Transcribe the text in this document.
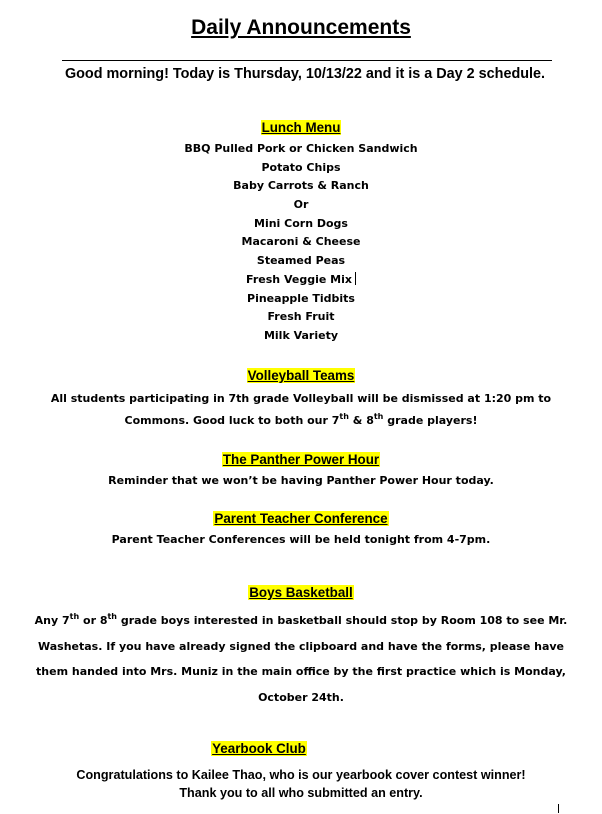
Daily Announcements

Good morning! Today is Thursday, 10/13/22 and it is a Day 2 schedule.

Lunch Menu

BBQ Pulled Pork or Chicken Sandwich
Potato Chips
Baby Carrots & Ranch
Or
Mini Corn Dogs
Macaroni & Cheese
Steamed Peas
Fresh Veggie Mix
Pineapple Tidbits
Fresh Fruit
Milk Variety

Volleyball Teams

All students participating in 7th grade Volleyball will be dismissed at 1:20 pm to
Commons. Good luck to both our 7th & 8th grade players!

The Panther Power Hour

Reminder that we won’t be having Panther Power Hour today.

Parent Teacher Conference

Parent Teacher Conferences will be held tonight from 4-7pm.

Boys Basketball

Any 7th or 8th grade boys interested in basketball should stop by Room 108 to see Mr.
Washetas. If you have already signed the clipboard and have the forms, please have
them handed into Mrs. Muniz in the main office by the first practice which is Monday,
October 24th.

Yearbook Club

Congratulations to Kailee Thao, who is our yearbook cover contest winner!
Thank you to all who submitted an entry.
